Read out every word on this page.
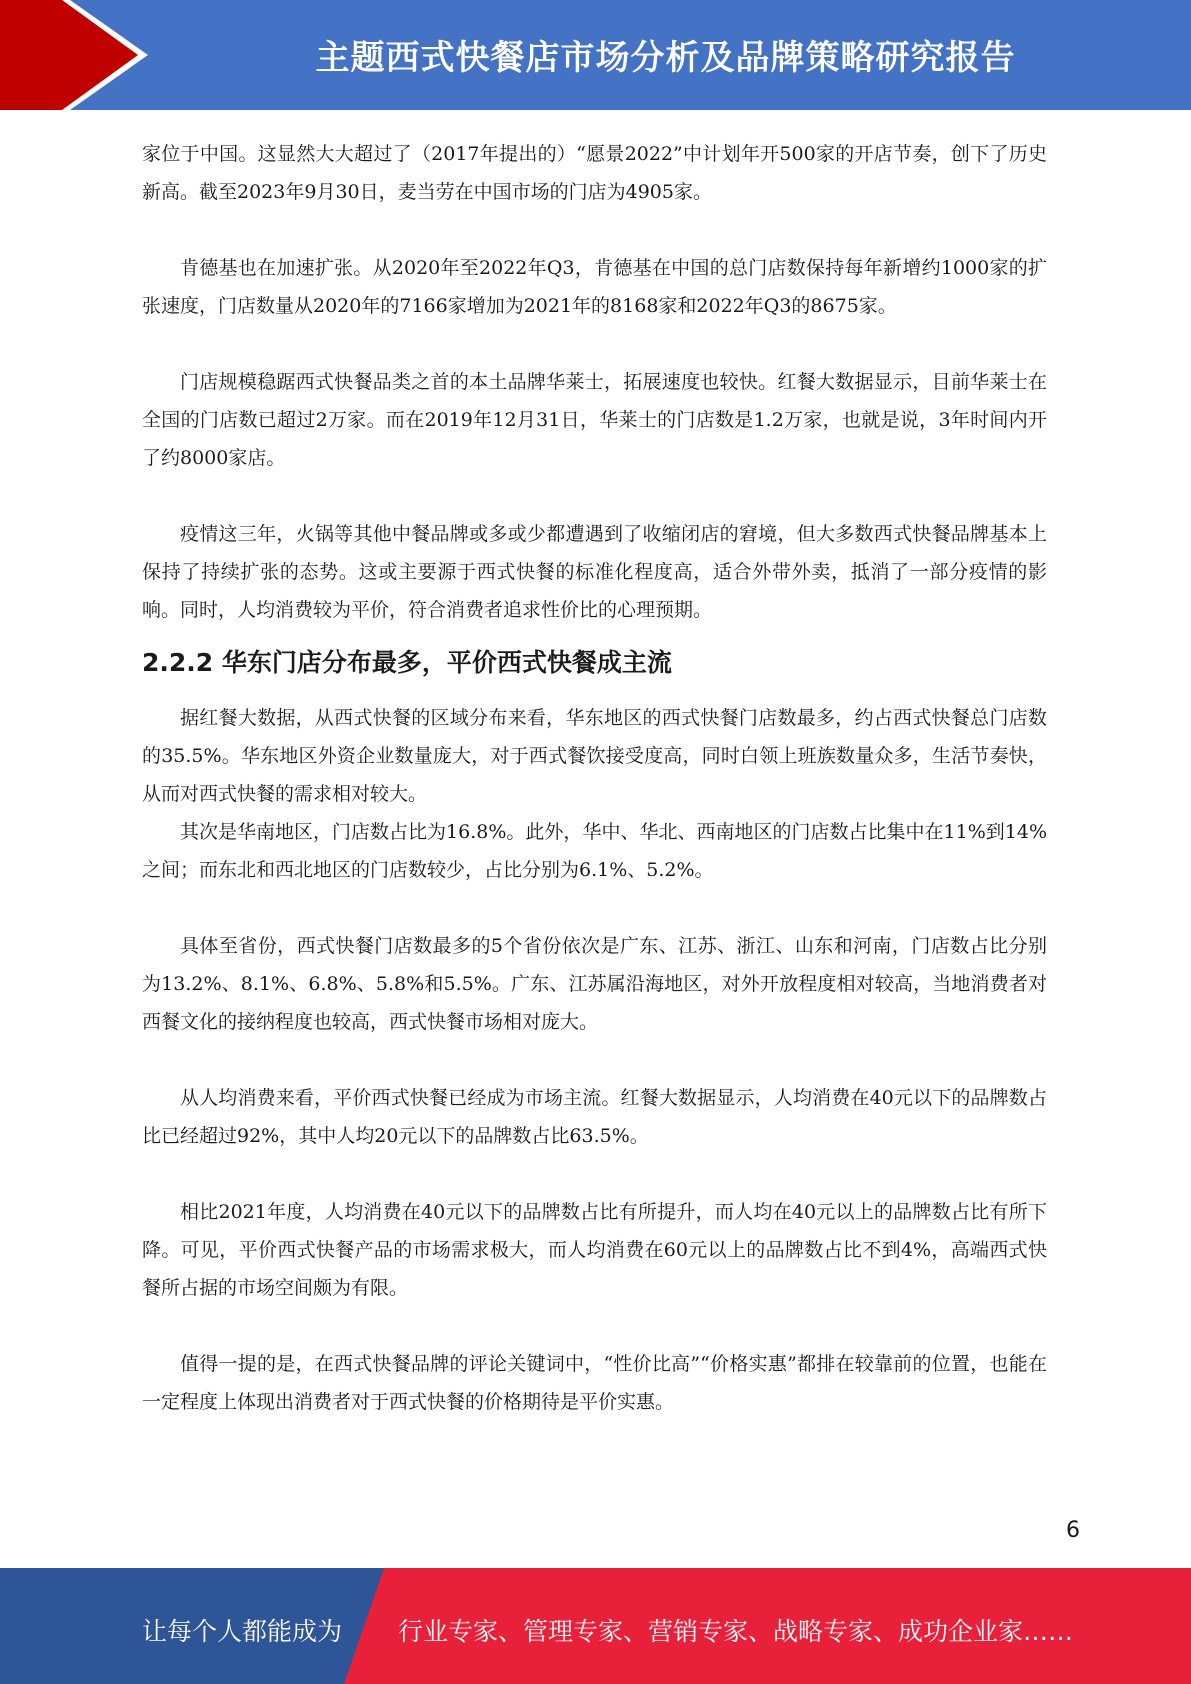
主题西式快餐店市场分析及品牌策略研究报告

家位于中国。这显然大大超过了（2017年提出的）“愿景2022”中计划年开500家的开店节奏，创下了历史新高。截至2023年9月30日，麦当劳在中国市场的门店为4905家。

肯德基也在加速扩张。从2020年至2022年Q3，肯德基在中国的总门店数保持每年新增约1000家的扩张速度，门店数量从2020年的7166家增加为2021年的8168家和2022年Q3的8675家。

门店规模稳踞西式快餐品类之首的本土品牌华莱士，拓展速度也较快。红餐大数据显示，目前华莱士在全国的门店数已超过2万家。而在2019年12月31日，华莱士的门店数是1.2万家，也就是说，3年时间内开了约8000家店。

疫情这三年，火锅等其他中餐品牌或多或少都遭遇到了收缩闭店的窘境，但大多数西式快餐品牌基本上保持了持续扩张的态势。这或主要源于西式快餐的标准化程度高，适合外带外卖，抵消了一部分疫情的影响。同时，人均消费较为平价，符合消费者追求性价比的心理预期。

2.2.2 华东门店分布最多，平价西式快餐成主流

据红餐大数据，从西式快餐的区域分布来看，华东地区的西式快餐门店数最多，约占西式快餐总门店数的35.5%。华东地区外资企业数量庞大，对于西式餐饮接受度高，同时白领上班族数量众多，生活节奏快，从而对西式快餐的需求相对较大。

其次是华南地区，门店数占比为16.8%。此外，华中、华北、西南地区的门店数占比集中在11%到14%之间；而东北和西北地区的门店数较少，占比分别为6.1%、5.2%。

具体至省份，西式快餐门店数最多的5个省份依次是广东、江苏、浙江、山东和河南，门店数占比分别为13.2%、8.1%、6.8%、5.8%和5.5%。广东、江苏属沿海地区，对外开放程度相对较高，当地消费者对西餐文化的接纳程度也较高，西式快餐市场相对庞大。

从人均消费来看，平价西式快餐已经成为市场主流。红餐大数据显示，人均消费在40元以下的品牌数占比已经超过92%，其中人均20元以下的品牌数占比63.5%。

相比2021年度，人均消费在40元以下的品牌数占比有所提升，而人均在40元以上的品牌数占比有所下降。可见，平价西式快餐产品的市场需求极大，而人均消费在60元以上的品牌数占比不到4%，高端西式快餐所占据的市场空间颇为有限。

值得一提的是，在西式快餐品牌的评论关键词中，“性价比高”“价格实惠”都排在较靠前的位置，也能在一定程度上体现出消费者对于西式快餐的价格期待是平价实惠。

6
让每个人都能成为 行业专家、管理专家、营销专家、战略专家、成功企业家……
